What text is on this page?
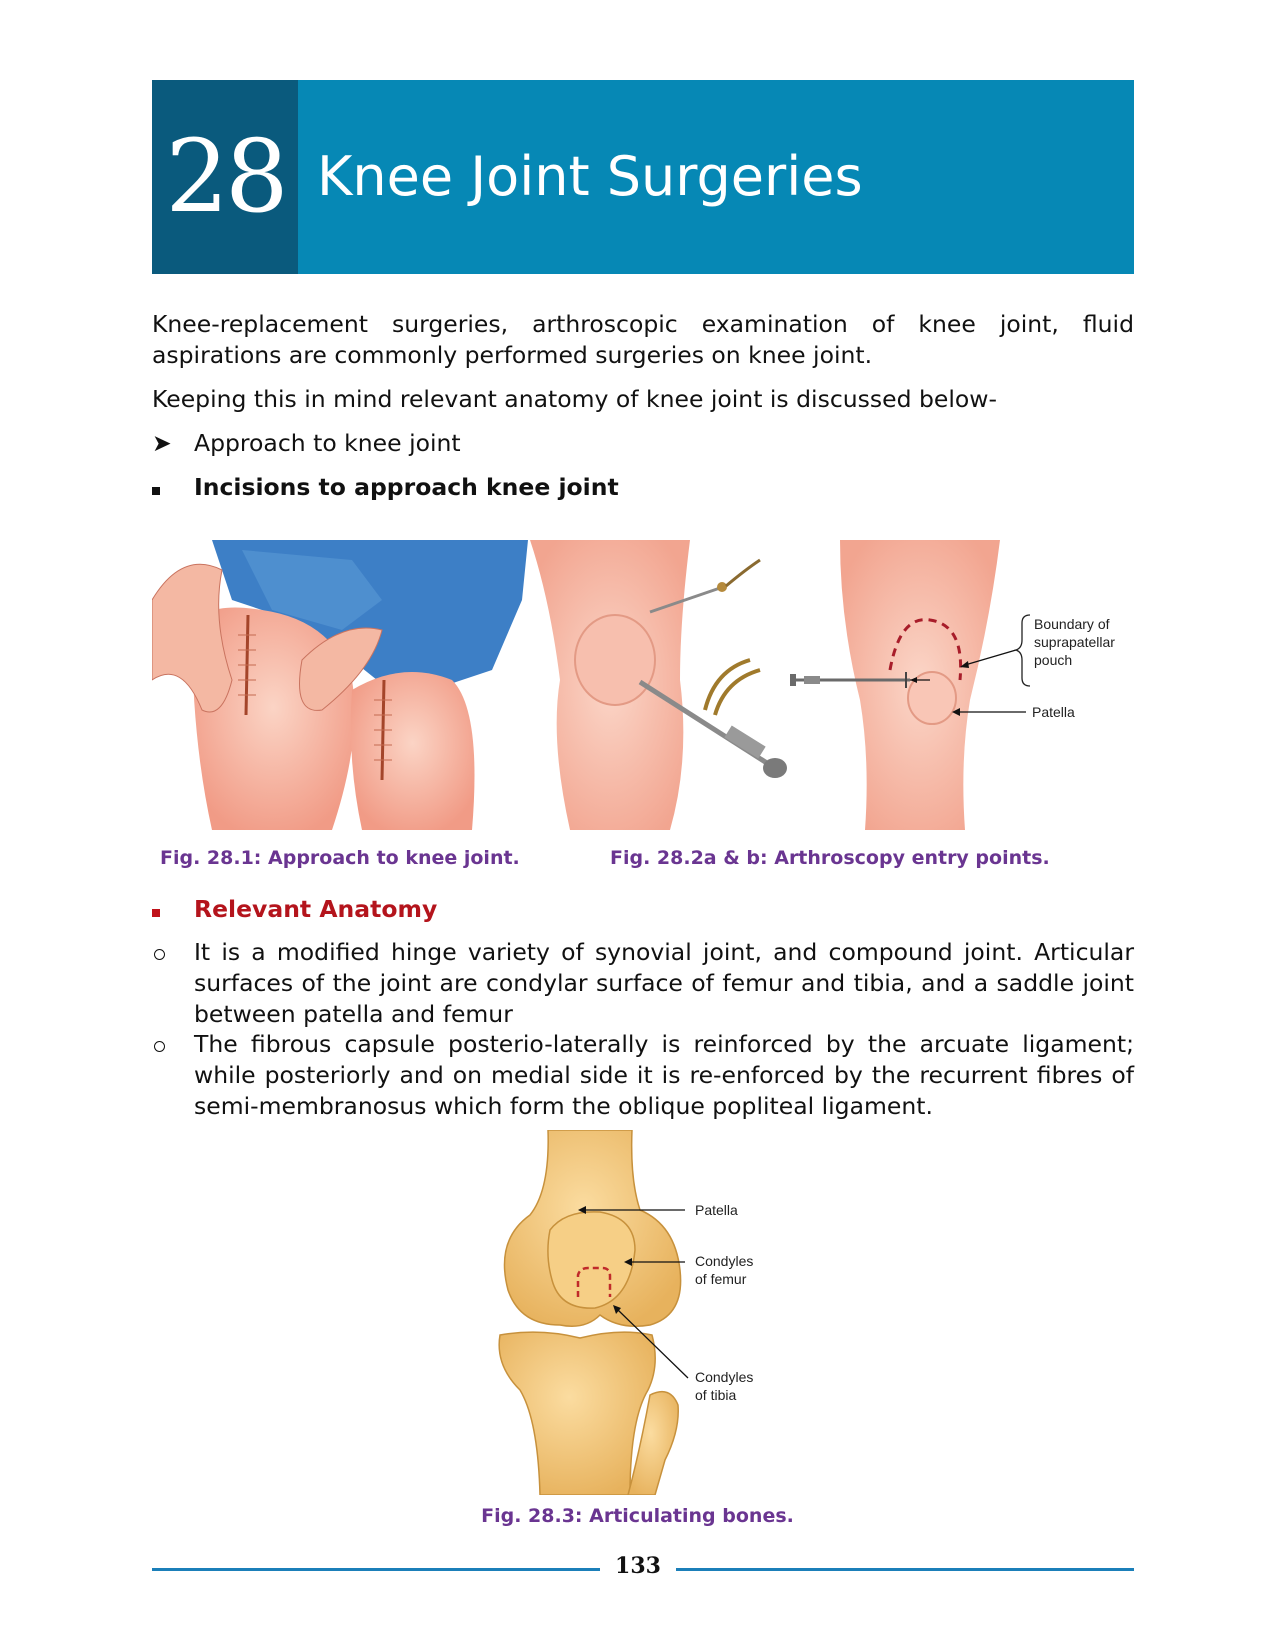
28 Knee Joint Surgeries
Knee-replacement surgeries, arthroscopic examination of knee joint, fluid aspirations are commonly performed surgeries on knee joint.
Keeping this in mind relevant anatomy of knee joint is discussed below-
➤ Approach to knee joint
Incisions to approach knee joint
Boundary of
suprapatellar
pouch
Patella
Fig. 28.1: Approach to knee joint.	Fig. 28.2a & b: Arthroscopy entry points.
Relevant Anatomy
It is a modified hinge variety of synovial joint, and compound joint. Articular surfaces of the joint are condylar surface of femur and tibia, and a saddle joint between patella and femur
The fibrous capsule posterio-laterally is reinforced by the arcuate ligament; while posteriorly and on medial side it is re-enforced by the recurrent fibres of semi-membranosus which form the oblique popliteal ligament.
Patella
Condyles
of femur
Condyles
of tibia
Fig. 28.3: Articulating bones.
133
